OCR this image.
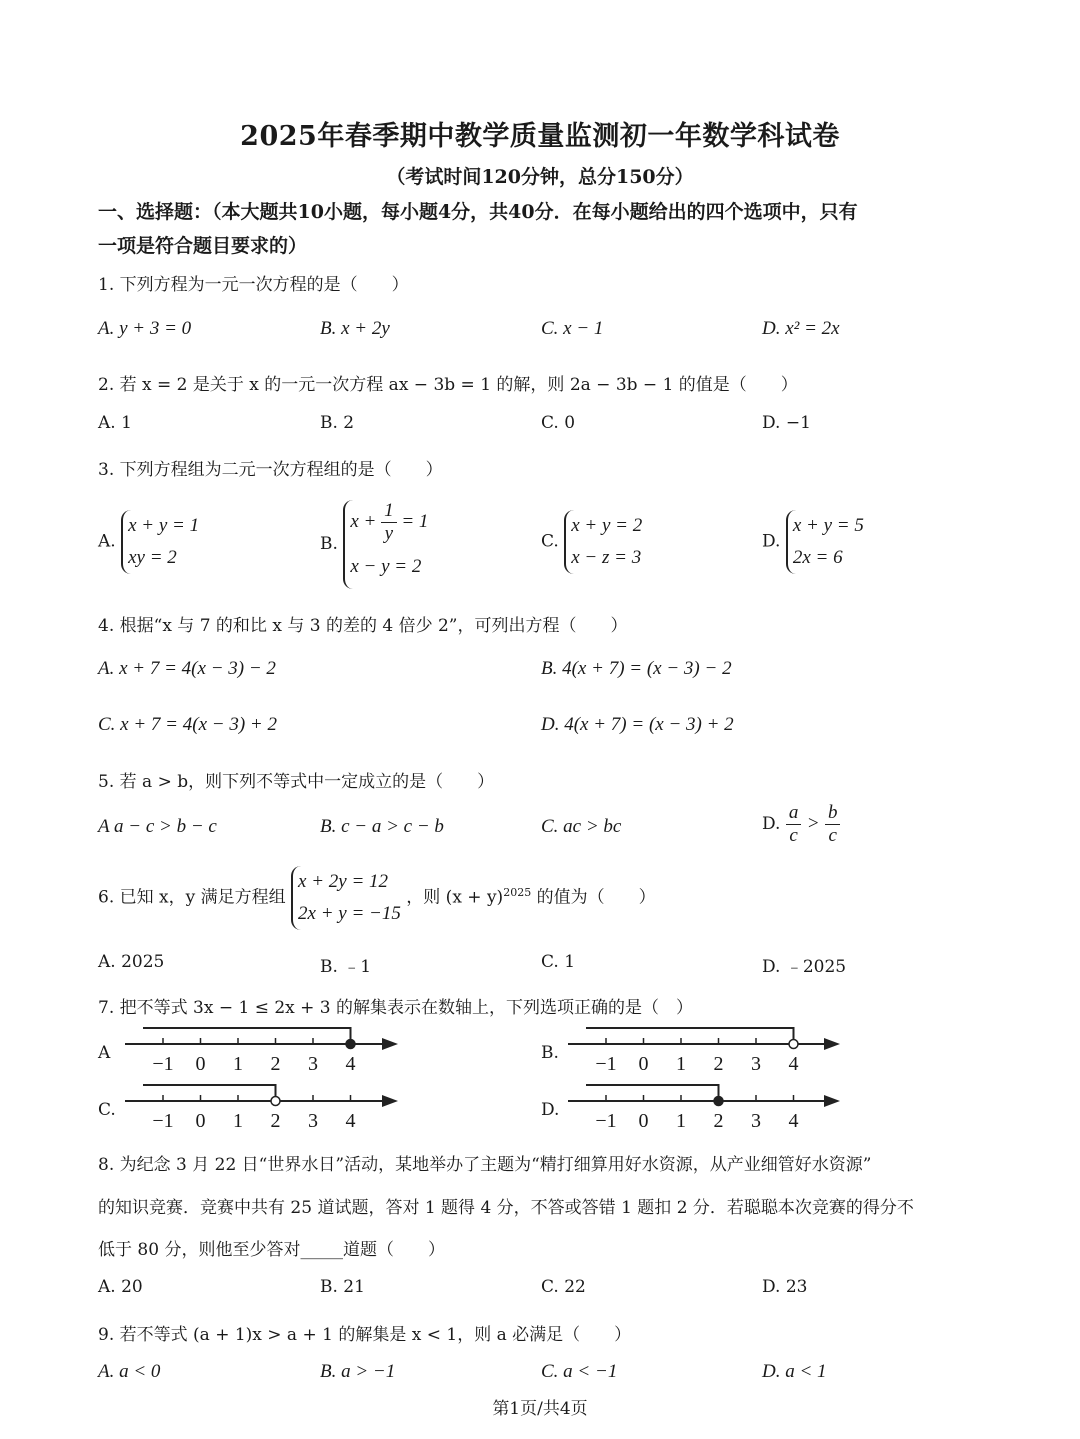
2025年春季期中教学质量监测初一年数学科试卷
（考试时间120分钟，总分150分）
一、选择题：（本大题共10小题，每小题4分，共40分．在每小题给出的四个选项中，只有
一项是符合题目要求的）
1. 下列方程为一元一次方程的是（　　）
A. y + 3 = 0	B. x + 2y	C. x − 1	D. x² = 2x
2. 若 x = 2 是关于 x 的一元一次方程 ax − 3b = 1 的解，则 2a − 3b − 1 的值是（　　）
A. 1	B. 2	C. 0	D. −1
3. 下列方程组为二元一次方程组的是（　　）
A.
x + y = 1
xy = 2
B.
$x + \frac{1}{y} = 1$
x − y = 2
C.
x + y = 2
x − z = 3
D.
x + y = 5
2x = 6
4. 根据“x 与 7 的和比 x 与 3 的差的 4 倍少 2”，可列出方程（　　）
A. x + 7 = 4(x − 3) − 2	B. 4(x + 7) = (x − 3) − 2
C. x + 7 = 4(x − 3) + 2	D. 4(x + 7) = (x − 3) + 2
5. 若 a > b，则下列不等式中一定成立的是（　　）
A a − c > b − c	B. c − a > c − b	C. ac > bc	D. $\frac{a}{c} > \frac{b}{c}$
6. 已知 x，y 满足方程组
x + 2y = 12
2x + y = −15
，则 $(x + y)^{2025}$ 的值为（　　）
A. 2025	B. ﹣1	C. 1	D. ﹣2025
7. 把不等式 3x − 1 ≤ 2x + 3 的解集表示在数轴上，下列选项正确的是（　）
A	B.
C.	D.
−1 0 1 2 3 4	−1 0 1 2 3 4
−1 0 1 2 3 4	−1 0 1 2 3 4
8. 为纪念 3 月 22 日“世界水日”活动，某地举办了主题为“精打细算用好水资源，从产业细管好水资源”
的知识竞赛．竞赛中共有 25 道试题，答对 1 题得 4 分，不答或答错 1 题扣 2 分．若聪聪本次竞赛的得分不
低于 80 分，则他至少答对_____道题（　　）
A. 20	B. 21	C. 22	D. 23
9. 若不等式 (a + 1)x > a + 1 的解集是 x < 1，则 a 必满足（　　）
A. a < 0	B. a > −1	C. a < −1	D. a < 1
第1页/共4页
